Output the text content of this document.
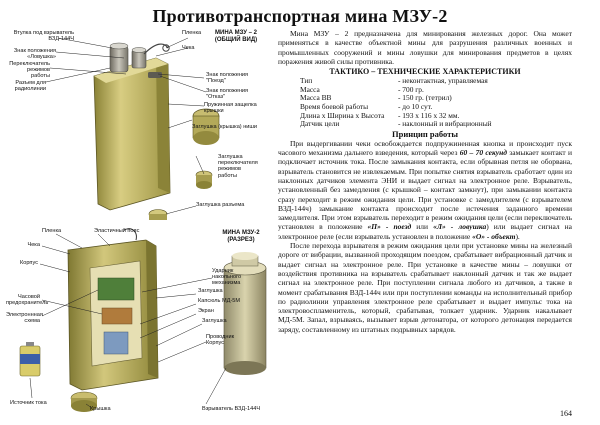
Противотранспортная мина МЗУ-2
МИНА МЗУ – 2 (ОБЩИЙ ВИД)
Втулка под взрыватель
ВЗД-144Ч
Знак положения
«Ловушка»
Переключатель
режимов
работы
Разъем для
радиолинии
Пленка
Чека
Знак положения
"Поезд"
Знак положения
"Отказ"
Пружинная защелка
крышки
Заглушка (крышка) ниши
Заглушка
переключателя
режимов
работы
Заглушка разъема
МИНА МЗУ-2 (РАЗРЕЗ)
Пленка	Эластичный пояс
Чека
Корпус
Часовой
предохранитель
Электроннная
схема
Ударник
накольного
механизма
Заглушка
Капсюль МД-5М
Экран
Заглушка
Проводник
Корпус
Источник тока
Крышка	Взрыватель ВЗД-144Ч

Мина МЗУ – 2 предназначена для минирования железных дорог. Она может применяться в качестве объектной мины для разрушения различных военных и промышленных сооружений и мины ловушки для минирования предметов в целях поражения живой силы противника.

ТАКТИКО – ТЕХНИЧЕСКИЕ ХАРАКТЕРИСТИКИ
Тип	- неконтактная, управляемая
Масса	- 700 гр.
Масса ВВ	- 150 гр. (тетрил)
Время боевой работы	- до 10 сут.
Длина х Ширина х Высота	- 193 х 116 х 32 мм.
Датчик цели	- наклонный и вибрационный
Принцип работы

При выдергивании чеки освобождается подпружиненная кнопка и происходит пуск часового механизма дальнего взведения, который через 60 – 70 секунд замыкает контакт и подключает источник тока. После замыкания контакта, если обрывная петля не оборвана, взрыватель становится не извлекаемым. При попытке снятия взрыватель сработает один из наклонных датчиков элемента ЭНИ и выдает сигнал на электронное реле. Взрыватель, установленный без замедления (с крышкой – контакт замкнут), при замыкании контакта сразу переходит в режим ожидания цели. При установке с замедлителем (с взрывателем ВЗД-144ч) замыкание контакта происходит после истечения заданного времени замедлителя. При этом взрыватель переходит в режим ожидания цели (если переключатель установлен в положение «П» - поезд или «Л» - ловушка) или выдает сигнал на электронное реле (если взрыватель установлен в положение «О» - объект).

После перехода взрывателя в режим ожидания цели при установке мины на железный дороге от вибрации, вызванной проходящим поездом, срабатывает вибрационный датчик и выдает сигнал на электронное реле. При установке в качестве мины – ловушки от воздействия противника на взрыватель срабатывает наклонный датчик и так же выдает сигнал на электронное реле. При поступлении сигнала любого из датчиков, а также в момент срабатывания ВЗД-144ч или при поступлении команды на исполнительный прибор по радиолинии управления электронное реле срабатывает и выдает импульс тока на электровоспламенитель, который, срабатывая, толкает ударник. Ударник накалывает МД-5М. Запал, взрываясь, вызывает взрыв детонатора, от которого детонация передается заряду, составленному из штатных подрывных зарядов.

164
